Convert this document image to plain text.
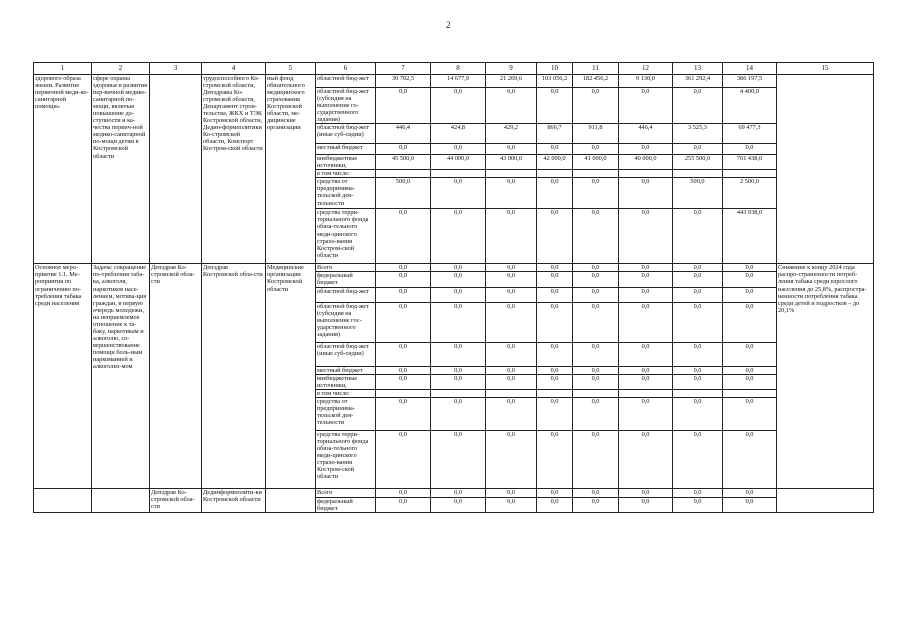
2
1	2	3	4	5	6	7	8	9	10	11	12	13	14	15
здорового образа жизни. Развитие первичной меди-ко-санитарной помощи»	сфере охраны здоровья и развития пер-вичной медико-санитарной по-мощи, включая повышение до-ступности и ка-чества первич-ной медико-санитарной по-мощи детям в Костромской области		трудоспособного Ко-стромской области, Депздравы Ко-стромской области, Департамент строи-тельства, ЖКХ и ТЭК Костромской области, Дедин-формполитики Ко-стромской области, Комспорт Костром-ской области	ный фонд обязательного медицинского страхования Костромской области, ме-дицинские организации	областной бюд-жет	30 702,5	14 677,9	21 269,6	103 056,2	182 456,2	9 130,0	361 292,4	386 197,5	
					областной бюд-жет (субсидия на выполнение го-сударственного задания)	0,0	0,0	0,0	0,0	0,0	0,0	0,0	4 400,0	
					областной бюд-жет (иные суб-сидии)	446,4	424,8	429,2	866,7	911,8	446,4	3 525,3	69 477,3	
					местный бюджет	0,0	0,0	0,0	0,0	0,0	0,0	0,0	0,0	
					внебюджетные источники,	45 500,0	44 000,0	43 000,0	42 000,0	41 000,0	40 000,0	255 500,0	701 438,0	
					в том числе:									
					средства от предпринима-тельской дея-тельности	500,0	0,0	0,0	0,0	0,0	0,0	500,0	2 500,0	
					средства терри-ториального фонда обяза-тельного меди-цинского страхо-вания Костром-ской области	0,0	0,0	0,0	0,0	0,0	0,0	0,0	443 938,0	
Основное меро-приятие 1.1. Ме-роприятия по ограничению по-требления табака среди населения	Задача: сокращение по-требления таба-ка, алкоголя, наркотиков насе-лением, мотива-ция граждан, в первую очередь молодежи, на неприемлемое отношение к та-баку, наркотикам и алкоголю, со-вершенствование помощи боль-ным наркоманией и алкоголиз-мом	Депздрав Ко-стромской обла-сти	Депздрав Костромской обла-сти	Медицинские организации Костромской области	Всего	0,0	0,0	0,0	0,0	0,0	0,0	0,0	0,0	Снижение к концу 2024 года распро-страненности потреб-ления табака среди взрослого населения до 25,8%, распростра-ненности потребления табака среди детей и подростков – до 20,1%
					федеральный бюджет	0,0	0,0	0,0	0,0	0,0	0,0	0,0	0,0	
					областной бюд-жет	0,0	0,0	0,0	0,0	0,0	0,0	0,0	0,0	
					областной бюд-жет (субсидия на выполнение гос-ударственного задания)	0,0	0,0	0,0	0,0	0,0	0,0	0,0	0,0	
					областной бюд-жет (иные суб-сидии)	0,0	0,0	0,0	0,0	0,0	0,0	0,0	0,0	
					местный бюджет	0,0	0,0	0,0	0,0	0,0	0,0	0,0	0,0	
					внебюджетные источники,	0,0	0,0	0,0	0,0	0,0	0,0	0,0	0,0	
					в том числе:									
					средства от предпринима-тельской дея-тельности	0,0	0,0	0,0	0,0	0,0	0,0	0,0	0,0	
					средства терри-ториального фонда обяза-тельного меди-цинского страхо-вания Костром-ской области	0,0	0,0	0,0	0,0	0,0	0,0	0,0	0,0	
		Депздрав Ко-стромской обла-сти	Дединформполити-ки Костромской области		Всего	0,0	0,0	0,0	0,0	0,0	0,0	0,0	0,0	
					федеральный бюджет	0,0	0,0	0,0	0,0	0,0	0,0	0,0	0,0	
